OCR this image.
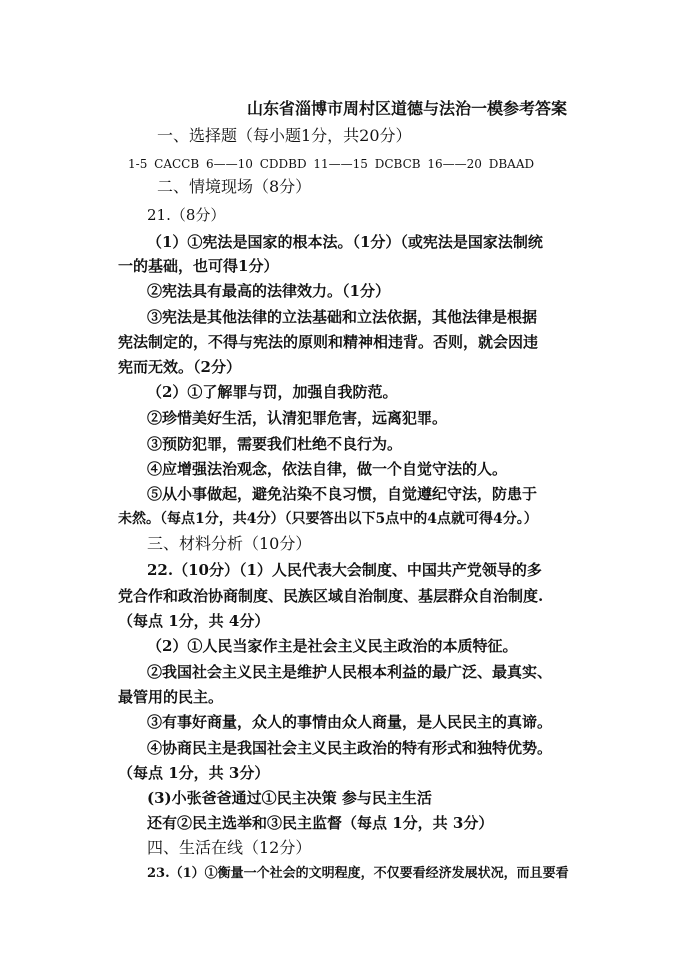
山东省淄博市周村区道德与法治一模参考答案
一、选择题（每小题1分，共20分）
1-5 CACCB 6——10 CDDBD 11——15 DCBCB 16——20 DBAAD
二、情境现场（8分）
21.（8分）
（1）①宪法是国家的根本法。（1分）（或宪法是国家法制统
一的基础，也可得1分）
②宪法具有最高的法律效力。（1分）
③宪法是其他法律的立法基础和立法依据，其他法律是根据
宪法制定的，不得与宪法的原则和精神相违背。否则，就会因违
宪而无效。（2分）
（2）①了解罪与罚，加强自我防范。
②珍惜美好生活，认清犯罪危害，远离犯罪。
③预防犯罪，需要我们杜绝不良行为。
④应增强法治观念，依法自律，做一个自觉守法的人。
⑤从小事做起，避免沾染不良习惯，自觉遵纪守法，防患于
未然。（每点1分，共4分）（只要答出以下5点中的4点就可得4分。）
三、材料分析（10分）
22.（10分）（1）人民代表大会制度、中国共产党领导的多
党合作和政治协商制度、民族区域自治制度、基层群众自治制度.
（每点 1分，共 4分）
（2）①人民当家作主是社会主义民主政治的本质特征。
②我国社会主义民主是维护人民根本利益的最广泛、最真实、
最管用的民主。
③有事好商量，众人的事情由众人商量，是人民民主的真谛。
④协商民主是我国社会主义民主政治的特有形式和独特优势。
（每点 1分，共 3分）
(3)小张爸爸通过①民主决策 参与民主生活
还有②民主选举和③民主监督（每点 1分，共 3分）
四、生活在线（12分）
23.（1）①衡量一个社会的文明程度，不仅要看经济发展状况，而且要看
